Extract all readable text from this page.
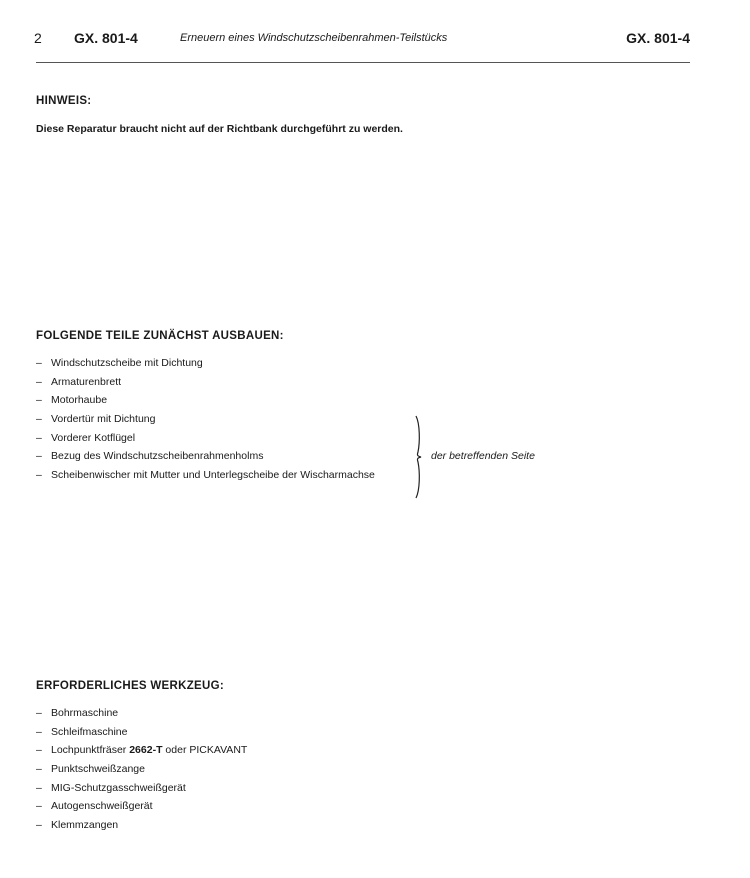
2 GX. 801-4	Erneuern eines Windschutzscheibenrahmen-Teilstücks	GX. 801-4
HINWEIS:
Diese Reparatur braucht nicht auf der Richtbank durchgeführt zu werden.
FOLGENDE TEILE ZUNÄCHST AUSBAUEN:
– Windschutzscheibe mit Dichtung
– Armaturenbrett
– Motorhaube
– Vordertür mit Dichtung
– Vorderer Kotflügel
– Bezug des Windschutzscheibenrahmenholms
– Scheibenwischer mit Mutter und Unterlegscheibe der Wischarmachse
der betreffenden Seite
ERFORDERLICHES WERKZEUG:
– Bohrmaschine
– Schleifmaschine
– Lochpunktfräser 2662-T oder PICKAVANT
– Punktschweißzange
– MIG-Schutzgasschweißgerät
– Autogenschweißgerät
– Klemmzangen
